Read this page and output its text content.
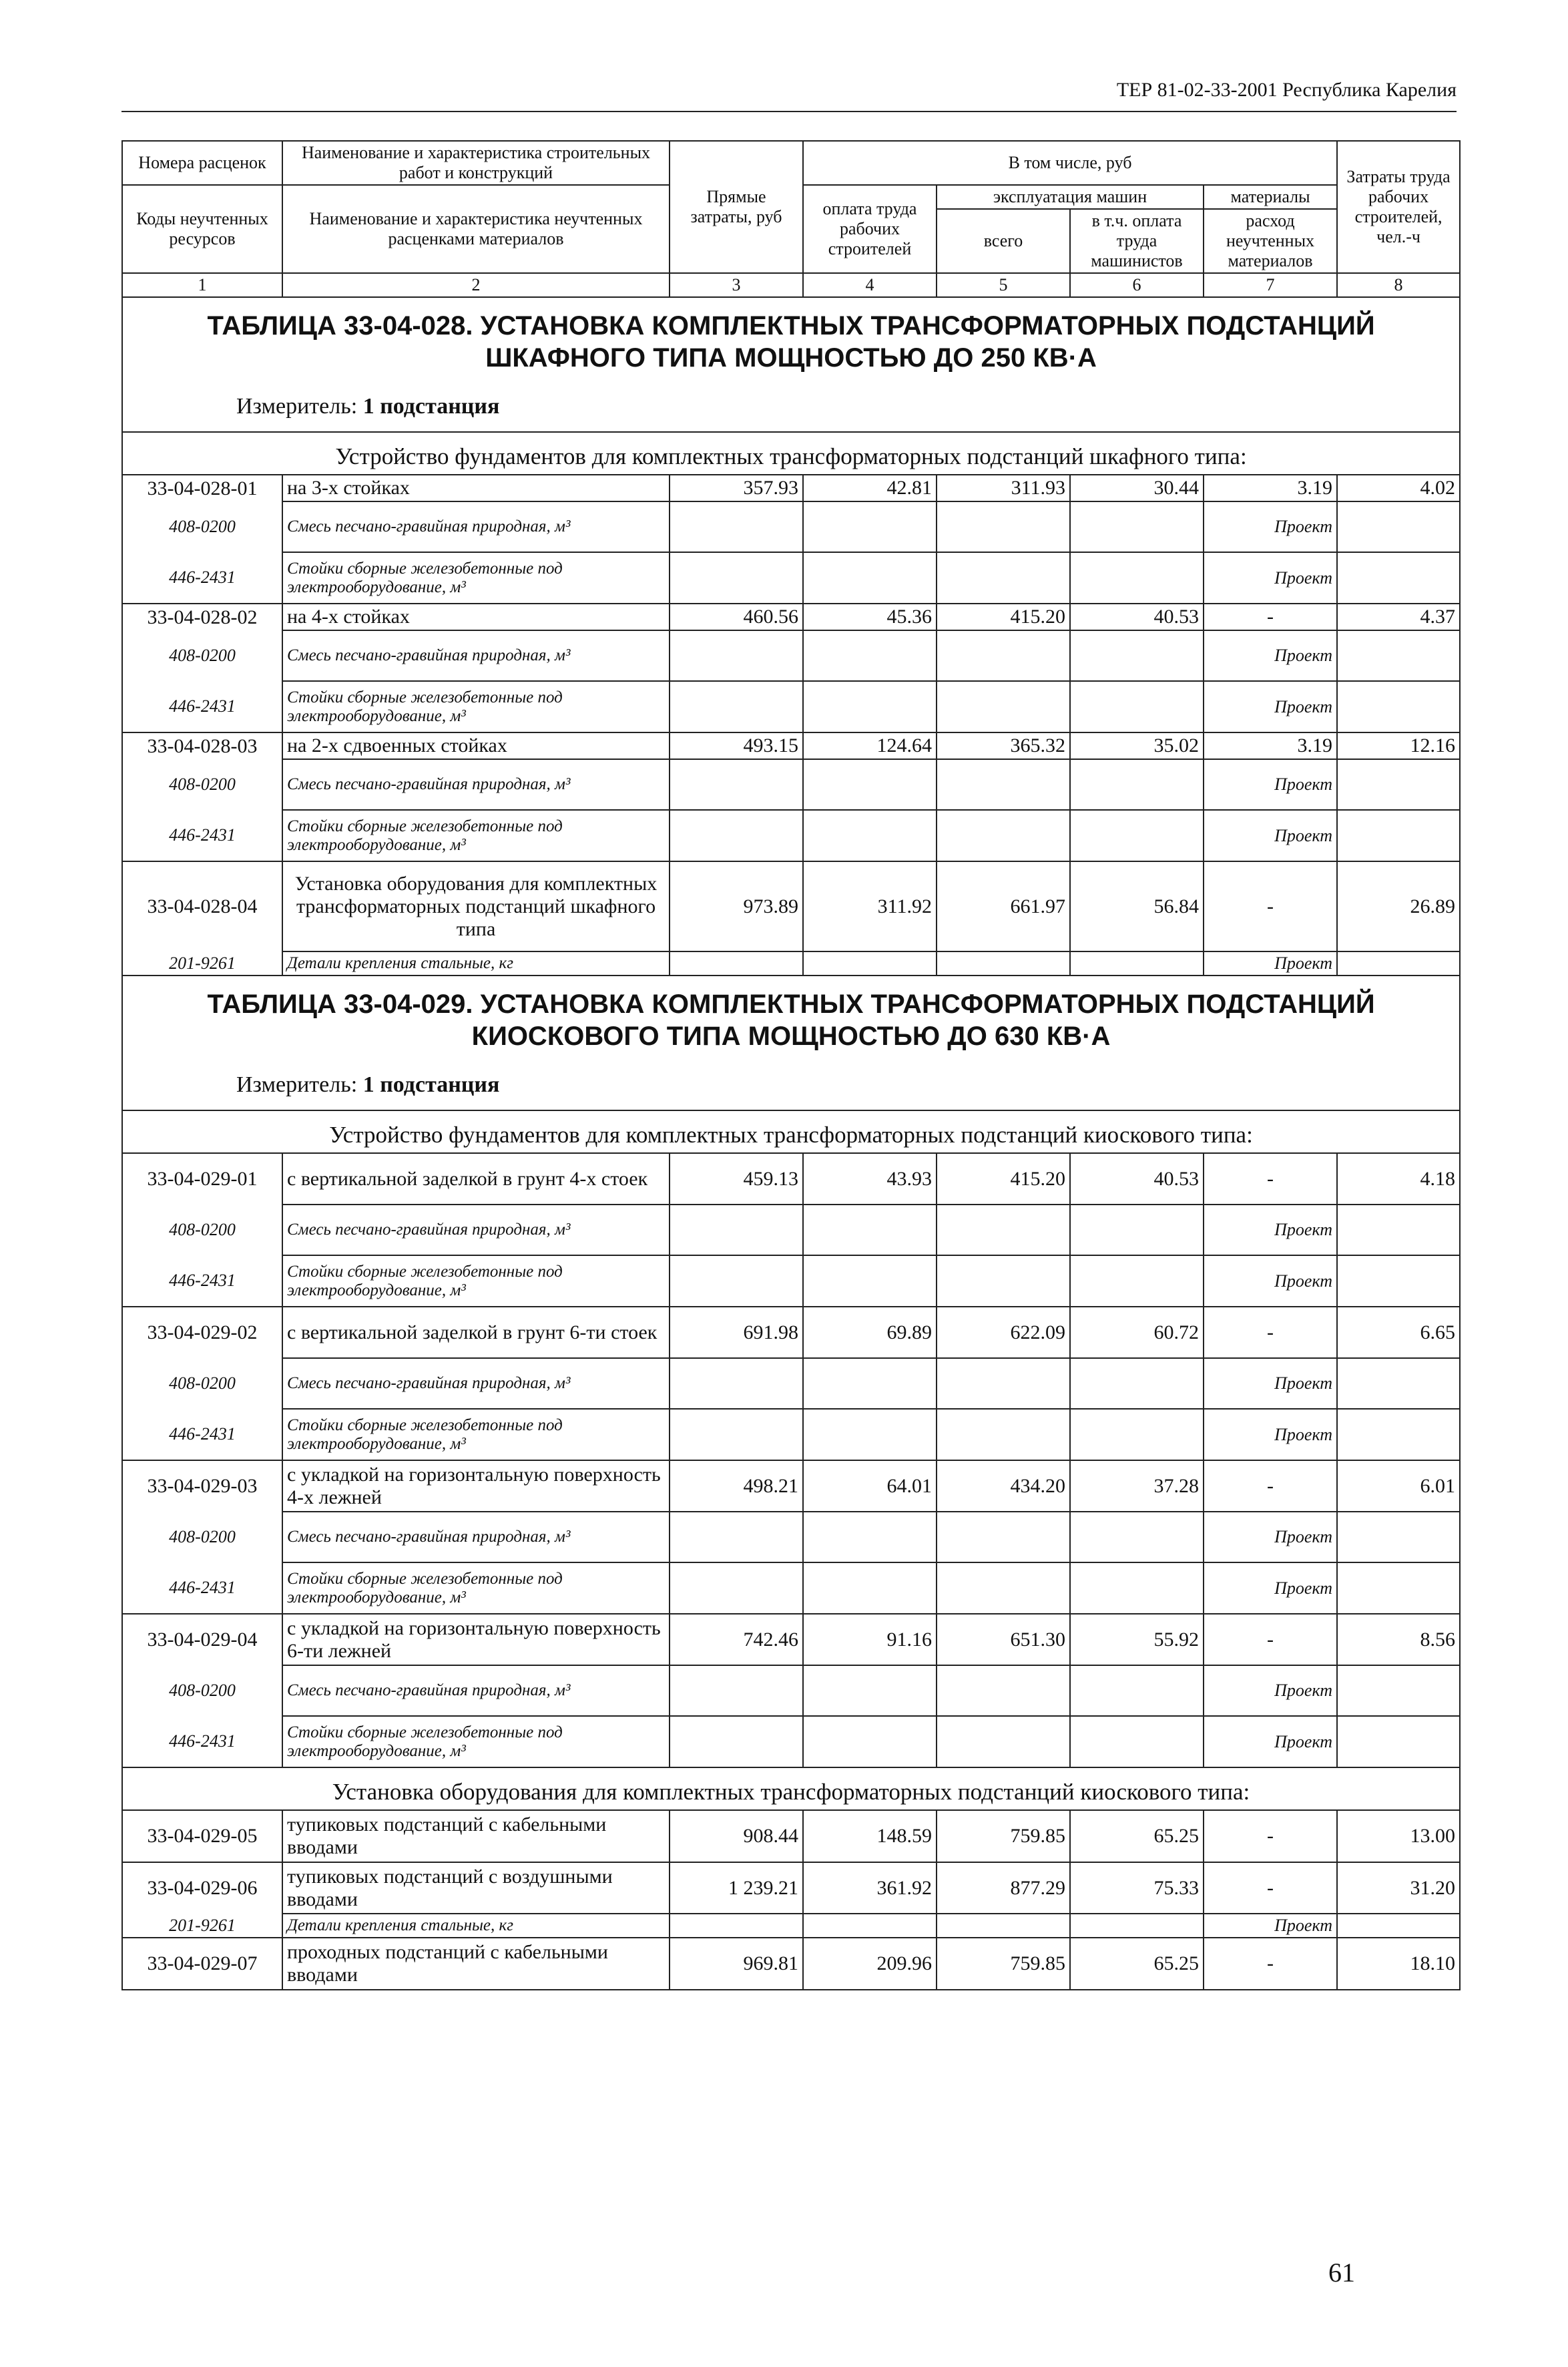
ТЕР 81-02-33-2001 Республика Карелия
Номера расценок	Наименование и характеристика строительных работ и конструкций	Прямые затраты, руб	В том числе, руб				Затраты труда рабочих строителей, чел.-ч
Коды неучтенных ресурсов	Наименование и характеристика неучтенных расценками материалов		оплата труда рабочих строителей	эксплуатация машин		материалы	
				всего	в т.ч. оплата труда машинистов	расход неучтенных материалов	
1	2	3	4	5	6	7	8

ТАБЛИЦА 33-04-028. УСТАНОВКА КОМПЛЕКТНЫХ ТРАНСФОРМАТОРНЫХ ПОДСТАНЦИЙ
ШКАФНОГО ТИПА МОЩНОСТЬЮ ДО 250 КВ·А
Измеритель: 1 подстанция							

Устройство фундаментов для комплектных трансформаторных подстанций шкафного типа:							
33-04-028-01	на 3-х стойках	357.93	42.81	311.93	30.44	3.19	4.02
408-0200	Смесь песчано-гравийная природная, м³					Проект	
446-2431	Стойки сборные железобетонные под электрооборудование, м³					Проект	
33-04-028-02	на 4-х стойках	460.56	45.36	415.20	40.53	-	4.37
408-0200	Смесь песчано-гравийная природная, м³					Проект	
446-2431	Стойки сборные железобетонные под электрооборудование, м³					Проект	
33-04-028-03	на 2-х сдвоенных стойках	493.15	124.64	365.32	35.02	3.19	12.16
408-0200	Смесь песчано-гравийная природная, м³					Проект	
446-2431	Стойки сборные железобетонные под электрооборудование, м³					Проект	
33-04-028-04	Установка оборудования для комплектных трансформаторных подстанций шкафного типа	973.89	311.92	661.97	56.84	-	26.89
201-9261	Детали крепления стальные, кг					Проект	

ТАБЛИЦА 33-04-029. УСТАНОВКА КОМПЛЕКТНЫХ ТРАНСФОРМАТОРНЫХ ПОДСТАНЦИЙ
КИОСКОВОГО ТИПА МОЩНОСТЬЮ ДО 630 КВ·А
Измеритель: 1 подстанция							

Устройство фундаментов для комплектных трансформаторных подстанций киоскового типа:							
33-04-029-01	с вертикальной заделкой в грунт 4-х стоек	459.13	43.93	415.20	40.53	-	4.18
408-0200	Смесь песчано-гравийная природная, м³					Проект	
446-2431	Стойки сборные железобетонные под электрооборудование, м³					Проект	
33-04-029-02	с вертикальной заделкой в грунт 6-ти стоек	691.98	69.89	622.09	60.72	-	6.65
408-0200	Смесь песчано-гравийная природная, м³					Проект	
446-2431	Стойки сборные железобетонные под электрооборудование, м³					Проект	
33-04-029-03	с укладкой на горизонтальную поверхность 4-х лежней	498.21	64.01	434.20	37.28	-	6.01
408-0200	Смесь песчано-гравийная природная, м³					Проект	
446-2431	Стойки сборные железобетонные под электрооборудование, м³					Проект	
33-04-029-04	с укладкой на горизонтальную поверхность 6-ти лежней	742.46	91.16	651.30	55.92	-	8.56
408-0200	Смесь песчано-гравийная природная, м³					Проект	
446-2431	Стойки сборные железобетонные под электрооборудование, м³					Проект	
Установка оборудования для комплектных трансформаторных подстанций киоскового типа:							
33-04-029-05	тупиковых подстанций с кабельными вводами	908.44	148.59	759.85	65.25	-	13.00
33-04-029-06	тупиковых подстанций с воздушными вводами	1 239.21	361.92	877.29	75.33	-	31.20
201-9261	Детали крепления стальные, кг					Проект	
33-04-029-07	проходных подстанций с кабельными вводами	969.81	209.96	759.85	65.25	-	18.10
61
